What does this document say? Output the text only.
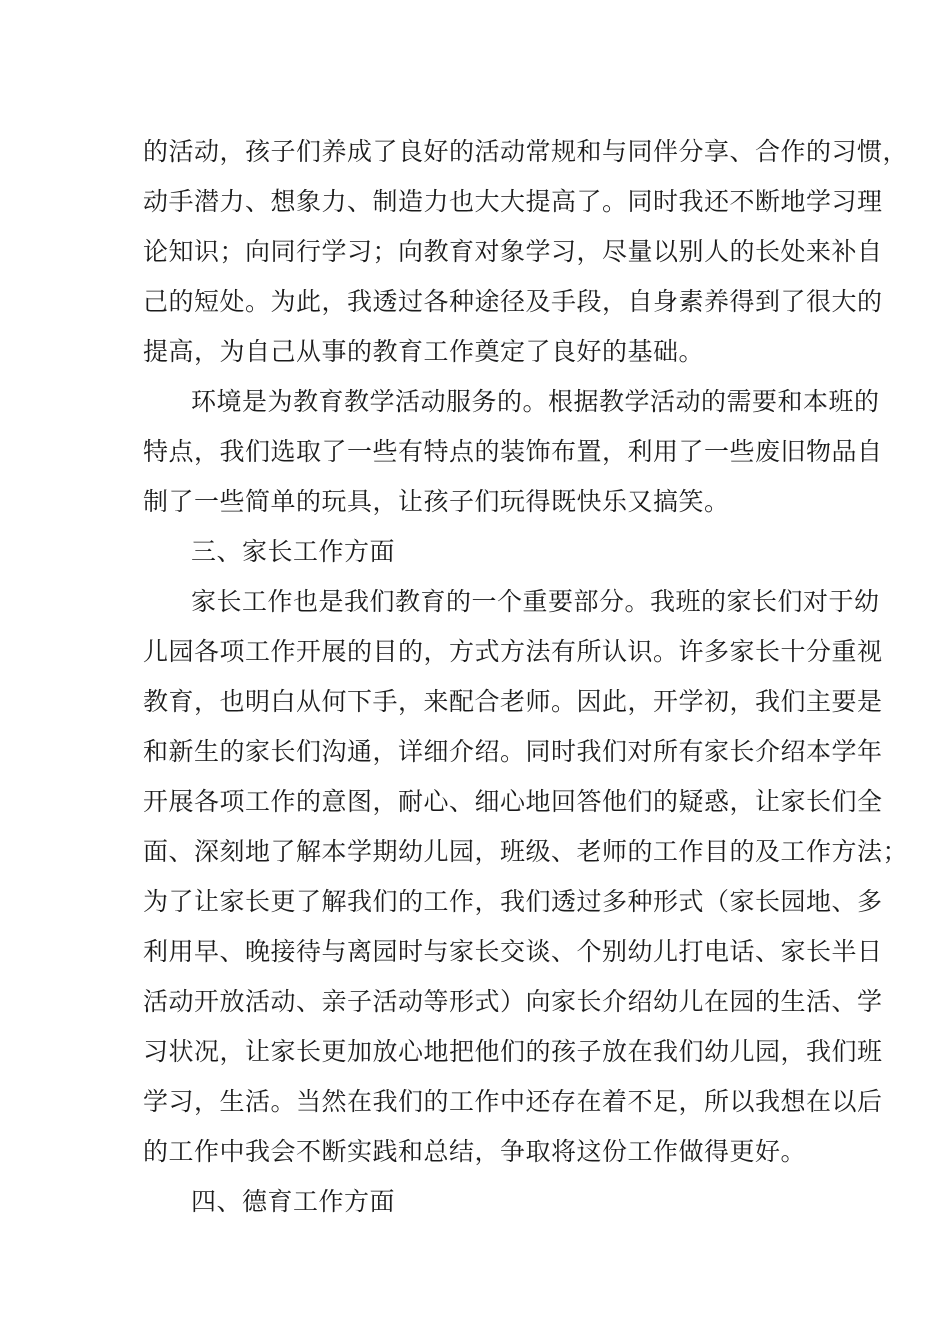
的活动，孩子们养成了良好的活动常规和与同伴分享、合作的习惯，
动手潜力、想象力、制造力也大大提高了。同时我还不断地学习理
论知识；向同行学习；向教育对象学习，尽量以别人的长处来补自
己的短处。为此，我透过各种途径及手段，自身素养得到了很大的
提高，为自己从事的教育工作奠定了良好的基础。
环境是为教育教学活动服务的。根据教学活动的需要和本班的
特点，我们选取了一些有特点的装饰布置，利用了一些废旧物品自
制了一些简单的玩具，让孩子们玩得既快乐又搞笑。
三、家长工作方面
家长工作也是我们教育的一个重要部分。我班的家长们对于幼
儿园各项工作开展的目的，方式方法有所认识。许多家长十分重视
教育，也明白从何下手，来配合老师。因此，开学初，我们主要是
和新生的家长们沟通，详细介绍。同时我们对所有家长介绍本学年
开展各项工作的意图，耐心、细心地回答他们的疑惑，让家长们全
面、深刻地了解本学期幼儿园，班级、老师的工作目的及工作方法；
为了让家长更了解我们的工作，我们透过多种形式（家长园地、多
利用早、晚接待与离园时与家长交谈、个别幼儿打电话、家长半日
活动开放活动、亲子活动等形式）向家长介绍幼儿在园的生活、学
习状况，让家长更加放心地把他们的孩子放在我们幼儿园，我们班
学习，生活。当然在我们的工作中还存在着不足，所以我想在以后
的工作中我会不断实践和总结，争取将这份工作做得更好。
四、德育工作方面
